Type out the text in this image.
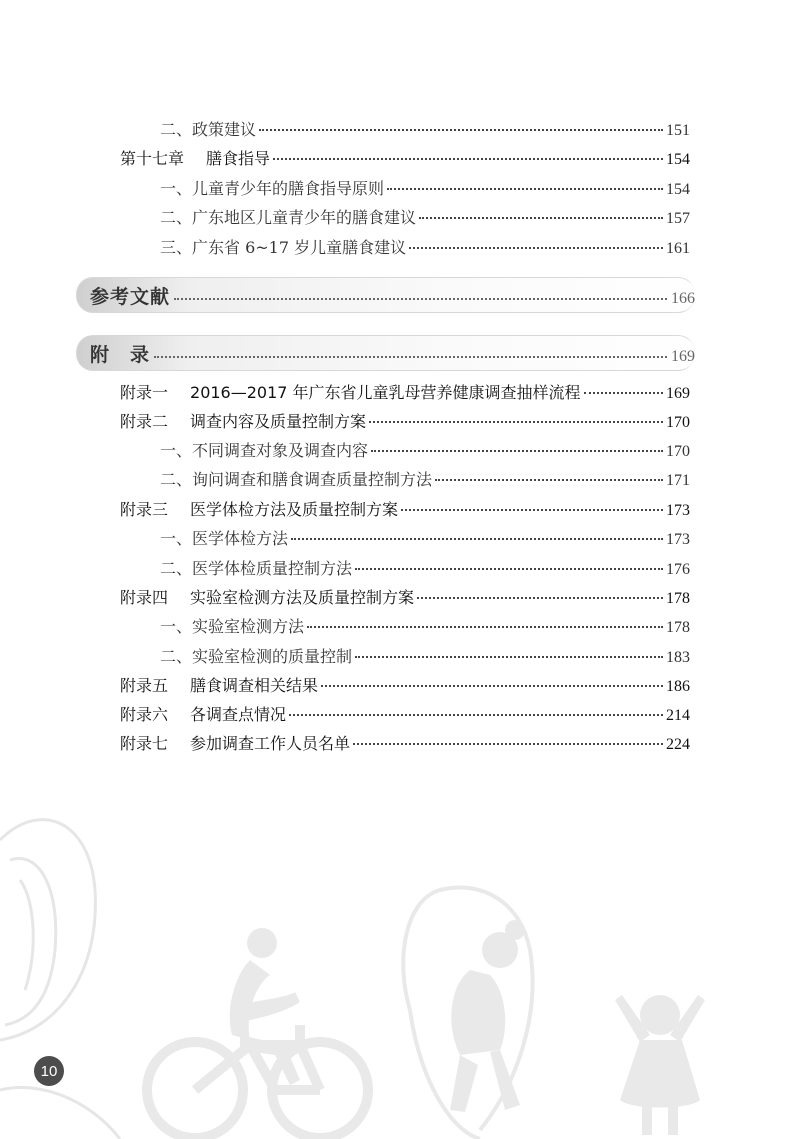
二、政策建议	151
第十七章 膳食指导	154
一、儿童青少年的膳食指导原则	154
二、广东地区儿童青少年的膳食建议	157
三、广东省 6~17 岁儿童膳食建议	161
参考文献	166
附　录	169
附录一 2016—2017 年广东省儿童乳母营养健康调查抽样流程	169
附录二 调查内容及质量控制方案	170
一、不同调查对象及调查内容	170
二、询问调查和膳食调查质量控制方法	171
附录三 医学体检方法及质量控制方案	173
一、医学体检方法	173
二、医学体检质量控制方法	176
附录四 实验室检测方法及质量控制方案	178
一、实验室检测方法	178
二、实验室检测的质量控制	183
附录五 膳食调查相关结果	186
附录六 各调查点情况	214
附录七 参加调查工作人员名单	224
10
